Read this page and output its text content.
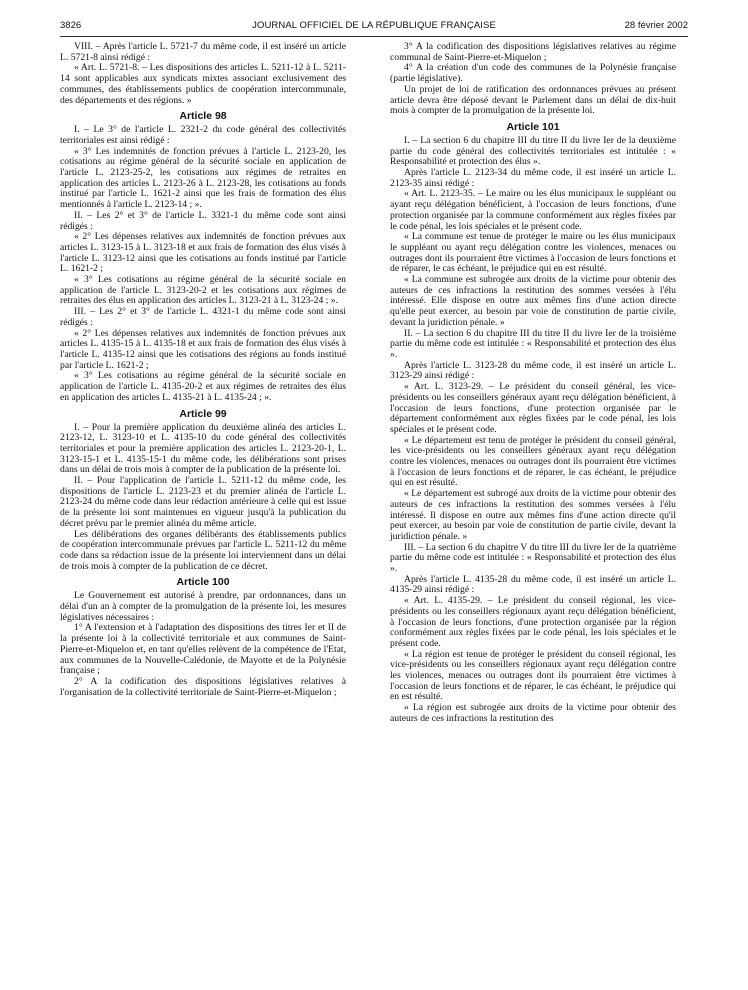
3826	JOURNAL OFFICIEL DE LA RÉPUBLIQUE FRANÇAISE	28 février 2002

VIII. – Après l'article L. 5721-7 du même code, il est inséré un article L. 5721-8 ainsi rédigé :

« Art. L. 5721-8. – Les dispositions des articles L. 5211-12 à L. 5211-14 sont applicables aux syndicats mixtes associant exclusivement des communes, des établissements publics de coopération intercommunale, des départements et des régions. »

Article 98

I. – Le 3° de l'article L. 2321-2 du code général des collectivités territoriales est ainsi rédigé :

« 3° Les indemnités de fonction prévues à l'article L. 2123-20, les cotisations au régime général de la sécurité sociale en application de l'article L. 2123-25-2, les cotisations aux régimes de retraites en application des articles L. 2123-26 à L. 2123-28, les cotisations au fonds institué par l'article L. 1621-2 ainsi que les frais de formation des élus mentionnés à l'article L. 2123-14 ; ».

II. – Les 2° et 3° de l'article L. 3321-1 du même code sont ainsi rédigés :

« 2° Les dépenses relatives aux indemnités de fonction prévues aux articles L. 3123-15 à L. 3123-18 et aux frais de formation des élus visés à l'article L. 3123-12 ainsi que les cotisations au fonds institué par l'article L. 1621-2 ;

« 3° Les cotisations au régime général de la sécurité sociale en application de l'article L. 3123-20-2 et les cotisations aux régimes de retraites des élus en application des articles L. 3123-21 à L. 3123-24 ; ».

III. – Les 2° et 3° de l'article L. 4321-1 du même code sont ainsi rédigés :

« 2° Les dépenses relatives aux indemnités de fonction prévues aux articles L. 4135-15 à L. 4135-18 et aux frais de formation des élus visés à l'article L. 4135-12 ainsi que les cotisations des régions au fonds institué par l'article L. 1621-2 ;

« 3° Les cotisations au régime général de la sécurité sociale en application de l'article L. 4135-20-2 et aux régimes de retraites des élus en application des articles L. 4135-21 à L. 4135-24 ; ».

Article 99

I. – Pour la première application du deuxième alinéa des articles L. 2123-12, L. 3123-10 et L. 4135-10 du code général des collectivités territoriales et pour la première application des articles L. 2123-20-1, L. 3123-15-1 et L. 4135-15-1 du même code, les délibérations sont prises dans un délai de trois mois à compter de la publication de la présente loi.

II. – Pour l'application de l'article L. 5211-12 du même code, les dispositions de l'article L. 2123-23 et du premier alinéa de l'article L. 2123-24 du même code dans leur rédaction antérieure à celle qui est issue de la présente loi sont maintenues en vigueur jusqu'à la publication du décret prévu par le premier alinéa du même article.

Les délibérations des organes délibérants des établissements publics de coopération intercommunale prévues par l'article L. 5211-12 du même code dans sa rédaction issue de la présente loi interviennent dans un délai de trois mois à compter de la publication de ce décret.

Article 100

Le Gouvernement est autorisé à prendre, par ordonnances, dans un délai d'un an à compter de la promulgation de la présente loi, les mesures législatives nécessaires :

1° A l'extension et à l'adaptation des dispositions des titres Ier et II de la présente loi à la collectivité territoriale et aux communes de Saint-Pierre-et-Miquelon et, en tant qu'elles relèvent de la compétence de l'Etat, aux communes de la Nouvelle-Calédonie, de Mayotte et de la Polynésie française ;

2° A la codification des dispositions législatives relatives à l'organisation de la collectivité territoriale de Saint-Pierre-et-Miquelon ;

3° A la codification des dispositions législatives relatives au régime communal de Saint-Pierre-et-Miquelon ;

4° A la création d'un code des communes de la Polynésie française (partie législative).

Un projet de loi de ratification des ordonnances prévues au présent article devra être déposé devant le Parlement dans un délai de dix-huit mois à compter de la promulgation de la présente loi.

Article 101

I. – La section 6 du chapitre III du titre II du livre Ier de la deuxième partie du code général des collectivités territoriales est intitulée : « Responsabilité et protection des élus ».

Après l'article L. 2123-34 du même code, il est inséré un article L. 2123-35 ainsi rédigé :

« Art. L. 2123-35. – Le maire ou les élus municipaux le suppléant ou ayant reçu délégation bénéficient, à l'occasion de leurs fonctions, d'une protection organisée par la commune conformément aux règles fixées par le code pénal, les lois spéciales et le présent code.

« La commune est tenue de protéger le maire ou les élus municipaux le suppléant ou ayant reçu délégation contre les violences, menaces ou outrages dont ils pourraient être victimes à l'occasion de leurs fonctions et de réparer, le cas échéant, le préjudice qui en est résulté.

« La commune est subrogée aux droits de la victime pour obtenir des auteurs de ces infractions la restitution des sommes versées à l'élu intéressé. Elle dispose en outre aux mêmes fins d'une action directe qu'elle peut exercer, au besoin par voie de constitution de partie civile, devant la juridiction pénale. »

II. – La section 6 du chapitre III du titre II du livre Ier de la troisième partie du même code est intitulée : « Responsabilité et protection des élus ».

Après l'article L. 3123-28 du même code, il est inséré un article L. 3123-29 ainsi rédigé :

« Art. L. 3123-29. – Le président du conseil général, les vice-présidents ou les conseillers généraux ayant reçu délégation bénéficient, à l'occasion de leurs fonctions, d'une protection organisée par le département conformément aux règles fixées par le code pénal, les lois spéciales et le présent code.

« Le département est tenu de protéger le président du conseil général, les vice-présidents ou les conseillers généraux ayant reçu délégation contre les violences, menaces ou outrages dont ils pourraient être victimes à l'occasion de leurs fonctions et de réparer, le cas échéant, le préjudice qui en est résulté.

« Le département est subrogé aux droits de la victime pour obtenir des auteurs de ces infractions la restitution des sommes versées à l'élu intéressé. Il dispose en outre aux mêmes fins d'une action directe qu'il peut exercer, au besoin par voie de constitution de partie civile, devant la juridiction pénale. »

III. – La section 6 du chapitre V du titre III du livre Ier de la quatrième partie du même code est intitulée : « Responsabilité et protection des élus ».

Après l'article L. 4135-28 du même code, il est inséré un article L. 4135-29 ainsi rédigé :

« Art. L. 4135-29. – Le président du conseil régional, les vice-présidents ou les conseillers régionaux ayant reçu délégation bénéficient, à l'occasion de leurs fonctions, d'une protection organisée par la région conformément aux règles fixées par le code pénal, les lois spéciales et le présent code.

« La région est tenue de protéger le président du conseil régional, les vice-présidents ou les conseillers régionaux ayant reçu délégation contre les violences, menaces ou outrages dont ils pourraient être victimes à l'occasion de leurs fonctions et de réparer, le cas échéant, le préjudice qui en est résulté.

« La région est subrogée aux droits de la victime pour obtenir des auteurs de ces infractions la restitution des
